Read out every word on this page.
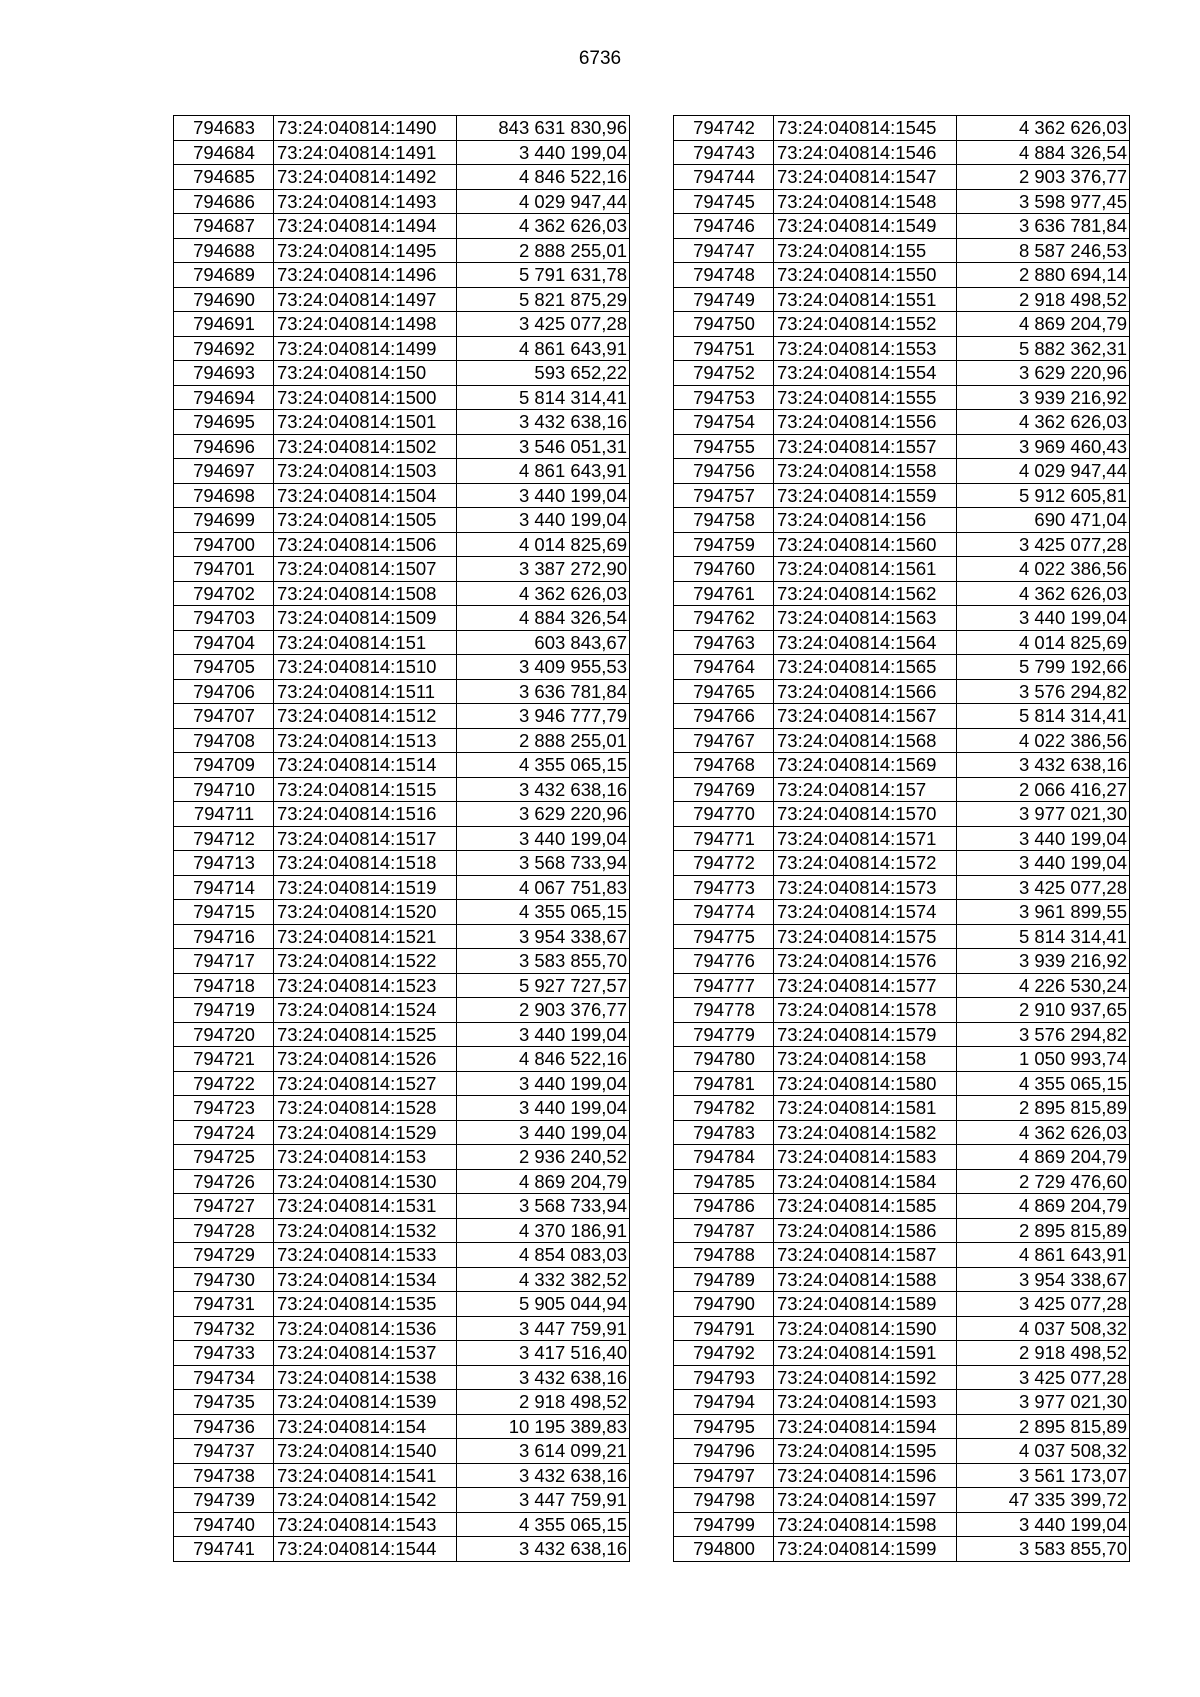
6736
794683	73:24:040814:1490	843 631 830,96
794684	73:24:040814:1491	3 440 199,04
794685	73:24:040814:1492	4 846 522,16
794686	73:24:040814:1493	4 029 947,44
794687	73:24:040814:1494	4 362 626,03
794688	73:24:040814:1495	2 888 255,01
794689	73:24:040814:1496	5 791 631,78
794690	73:24:040814:1497	5 821 875,29
794691	73:24:040814:1498	3 425 077,28
794692	73:24:040814:1499	4 861 643,91
794693	73:24:040814:150	593 652,22
794694	73:24:040814:1500	5 814 314,41
794695	73:24:040814:1501	3 432 638,16
794696	73:24:040814:1502	3 546 051,31
794697	73:24:040814:1503	4 861 643,91
794698	73:24:040814:1504	3 440 199,04
794699	73:24:040814:1505	3 440 199,04
794700	73:24:040814:1506	4 014 825,69
794701	73:24:040814:1507	3 387 272,90
794702	73:24:040814:1508	4 362 626,03
794703	73:24:040814:1509	4 884 326,54
794704	73:24:040814:151	603 843,67
794705	73:24:040814:1510	3 409 955,53
794706	73:24:040814:1511	3 636 781,84
794707	73:24:040814:1512	3 946 777,79
794708	73:24:040814:1513	2 888 255,01
794709	73:24:040814:1514	4 355 065,15
794710	73:24:040814:1515	3 432 638,16
794711	73:24:040814:1516	3 629 220,96
794712	73:24:040814:1517	3 440 199,04
794713	73:24:040814:1518	3 568 733,94
794714	73:24:040814:1519	4 067 751,83
794715	73:24:040814:1520	4 355 065,15
794716	73:24:040814:1521	3 954 338,67
794717	73:24:040814:1522	3 583 855,70
794718	73:24:040814:1523	5 927 727,57
794719	73:24:040814:1524	2 903 376,77
794720	73:24:040814:1525	3 440 199,04
794721	73:24:040814:1526	4 846 522,16
794722	73:24:040814:1527	3 440 199,04
794723	73:24:040814:1528	3 440 199,04
794724	73:24:040814:1529	3 440 199,04
794725	73:24:040814:153	2 936 240,52
794726	73:24:040814:1530	4 869 204,79
794727	73:24:040814:1531	3 568 733,94
794728	73:24:040814:1532	4 370 186,91
794729	73:24:040814:1533	4 854 083,03
794730	73:24:040814:1534	4 332 382,52
794731	73:24:040814:1535	5 905 044,94
794732	73:24:040814:1536	3 447 759,91
794733	73:24:040814:1537	3 417 516,40
794734	73:24:040814:1538	3 432 638,16
794735	73:24:040814:1539	2 918 498,52
794736	73:24:040814:154	10 195 389,83
794737	73:24:040814:1540	3 614 099,21
794738	73:24:040814:1541	3 432 638,16
794739	73:24:040814:1542	3 447 759,91
794740	73:24:040814:1543	4 355 065,15
794741	73:24:040814:1544	3 432 638,16
794742	73:24:040814:1545	4 362 626,03
794743	73:24:040814:1546	4 884 326,54
794744	73:24:040814:1547	2 903 376,77
794745	73:24:040814:1548	3 598 977,45
794746	73:24:040814:1549	3 636 781,84
794747	73:24:040814:155	8 587 246,53
794748	73:24:040814:1550	2 880 694,14
794749	73:24:040814:1551	2 918 498,52
794750	73:24:040814:1552	4 869 204,79
794751	73:24:040814:1553	5 882 362,31
794752	73:24:040814:1554	3 629 220,96
794753	73:24:040814:1555	3 939 216,92
794754	73:24:040814:1556	4 362 626,03
794755	73:24:040814:1557	3 969 460,43
794756	73:24:040814:1558	4 029 947,44
794757	73:24:040814:1559	5 912 605,81
794758	73:24:040814:156	690 471,04
794759	73:24:040814:1560	3 425 077,28
794760	73:24:040814:1561	4 022 386,56
794761	73:24:040814:1562	4 362 626,03
794762	73:24:040814:1563	3 440 199,04
794763	73:24:040814:1564	4 014 825,69
794764	73:24:040814:1565	5 799 192,66
794765	73:24:040814:1566	3 576 294,82
794766	73:24:040814:1567	5 814 314,41
794767	73:24:040814:1568	4 022 386,56
794768	73:24:040814:1569	3 432 638,16
794769	73:24:040814:157	2 066 416,27
794770	73:24:040814:1570	3 977 021,30
794771	73:24:040814:1571	3 440 199,04
794772	73:24:040814:1572	3 440 199,04
794773	73:24:040814:1573	3 425 077,28
794774	73:24:040814:1574	3 961 899,55
794775	73:24:040814:1575	5 814 314,41
794776	73:24:040814:1576	3 939 216,92
794777	73:24:040814:1577	4 226 530,24
794778	73:24:040814:1578	2 910 937,65
794779	73:24:040814:1579	3 576 294,82
794780	73:24:040814:158	1 050 993,74
794781	73:24:040814:1580	4 355 065,15
794782	73:24:040814:1581	2 895 815,89
794783	73:24:040814:1582	4 362 626,03
794784	73:24:040814:1583	4 869 204,79
794785	73:24:040814:1584	2 729 476,60
794786	73:24:040814:1585	4 869 204,79
794787	73:24:040814:1586	2 895 815,89
794788	73:24:040814:1587	4 861 643,91
794789	73:24:040814:1588	3 954 338,67
794790	73:24:040814:1589	3 425 077,28
794791	73:24:040814:1590	4 037 508,32
794792	73:24:040814:1591	2 918 498,52
794793	73:24:040814:1592	3 425 077,28
794794	73:24:040814:1593	3 977 021,30
794795	73:24:040814:1594	2 895 815,89
794796	73:24:040814:1595	4 037 508,32
794797	73:24:040814:1596	3 561 173,07
794798	73:24:040814:1597	47 335 399,72
794799	73:24:040814:1598	3 440 199,04
794800	73:24:040814:1599	3 583 855,70
